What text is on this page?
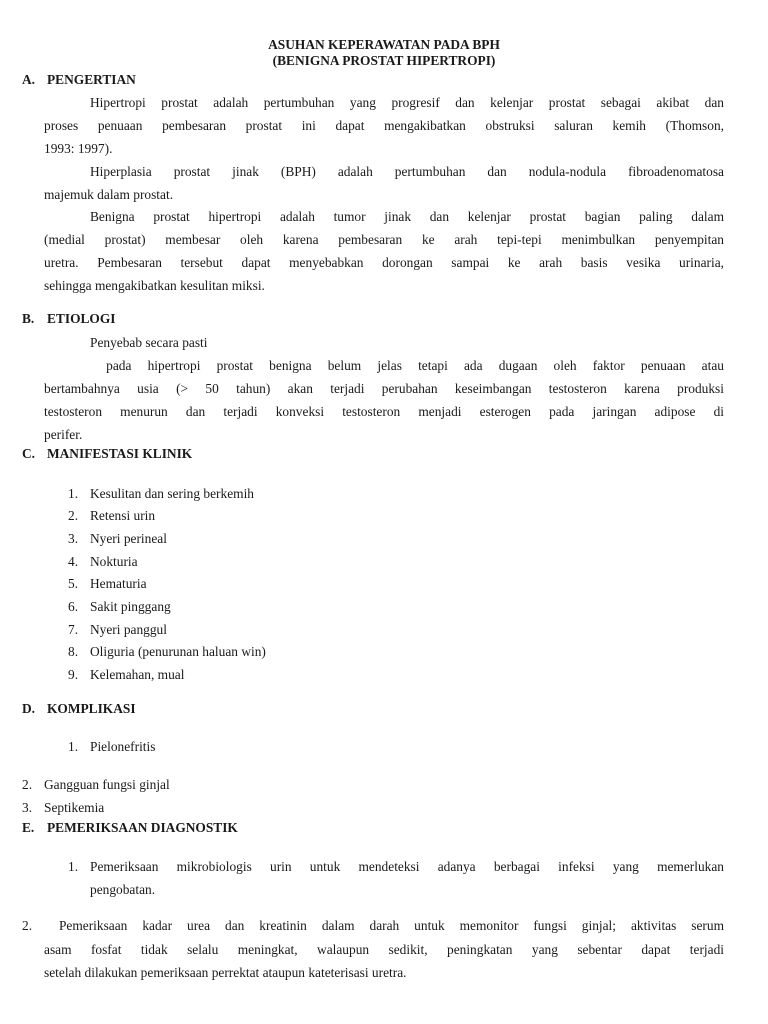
ASUHAN KEPERAWATAN PADA BPH
(BENIGNA PROSTAT HIPERTROPI)
A. PENGERTIAN
Hipertropi prostat adalah pertumbuhan yang progresif dan kelenjar prostat sebagai akibat dan
proses penuaan pembesaran prostat ini dapat mengakibatkan obstruksi saluran kemih (Thomson,
1993: 1997).
Hiperplasia prostat jinak (BPH) adalah pertumbuhan dan nodula-nodula fibroadenomatosa
majemuk dalam prostat.
Benigna prostat hipertropi adalah tumor jinak dan kelenjar prostat bagian paling dalam
(medial prostat) membesar oleh karena pembesaran ke arah tepi-tepi menimbulkan penyempitan
uretra. Pembesaran tersebut dapat menyebabkan dorongan sampai ke arah basis vesika urinaria,
sehingga mengakibatkan kesulitan miksi.
B. ETIOLOGI
Penyebab secara pasti
pada hipertropi prostat benigna belum jelas tetapi ada dugaan oleh faktor penuaan atau
bertambahnya usia (> 50 tahun) akan terjadi perubahan keseimbangan testosteron karena produksi
testosteron menurun dan terjadi konveksi testosteron menjadi esterogen pada jaringan adipose di
perifer.
C. MANIFESTASI KLINIK
1. Kesulitan dan sering berkemih
2. Retensi urin
3. Nyeri perineal
4. Nokturia
5. Hematuria
6. Sakit pinggang
7. Nyeri panggul
8. Oliguria (penurunan haluan win)
9. Kelemahan, mual
D. KOMPLIKASI
1. Pielonefritis
2. Gangguan fungsi ginjal
3. Septikemia
E. PEMERIKSAAN DIAGNOSTIK
1. Pemeriksaan mikrobiologis urin untuk mendeteksi adanya berbagai infeksi yang memerlukan
pengobatan.
2. Pemeriksaan kadar urea dan kreatinin dalam darah untuk memonitor fungsi ginjal; aktivitas serum
asam fosfat tidak selalu meningkat, walaupun sedikit, peningkatan yang sebentar dapat terjadi
setelah dilakukan pemeriksaan perrektat ataupun kateterisasi uretra.
